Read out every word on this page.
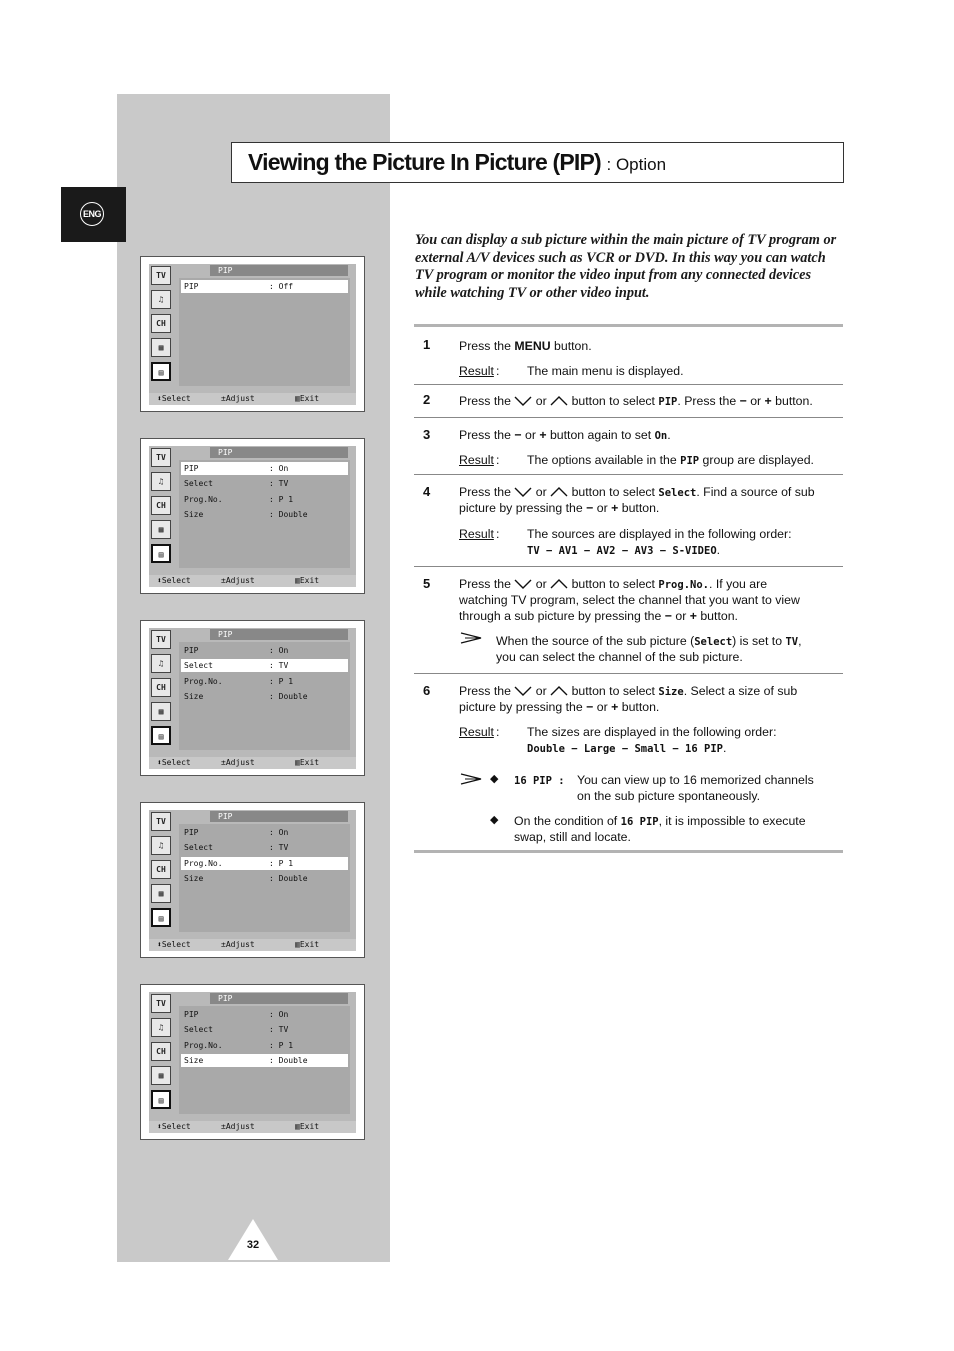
ENG
Viewing the Picture In Picture (PIP) : Option
You can display a sub picture within the main picture of TV program or external A/V devices such as VCR or DVD. In this way you can watch TV program or monitor the video input from any connected devices while watching TV or other video input.
TV
♫
CH
▦
▤
PIP
PIP	: Off
⬍Select	±Adjust	▥Exit
TV
♫
CH
▦
▤
PIP
PIP	: On
Select	: TV
Prog.No.	: P 1
Size	: Double
⬍Select	±Adjust	▥Exit
TV
♫
CH
▦
▤
PIP
PIP	: On
Select	: TV
Prog.No.	: P 1
Size	: Double
⬍Select	±Adjust	▥Exit
TV
♫
CH
▦
▤
PIP
PIP	: On
Select	: TV
Prog.No.	: P 1
Size	: Double
⬍Select	±Adjust	▥Exit
TV
♫
CH
▦
▤
PIP
PIP	: On
Select	: TV
Prog.No.	: P 1
Size	: Double
⬍Select	±Adjust	▥Exit
1 Press the MENU button.
Result : The main menu is displayed.
2 Press the or button to select PIP. Press the − or + button.
3 Press the − or + button again to set On.
Result : The options available in the PIP group are displayed.
4 Press the or button to select Select. Find a source of sub
picture by pressing the − or + button.
Result : The sources are displayed in the following order:
TV − AV1 − AV2 − AV3 − S-VIDEO.
5 Press the or button to select Prog.No.. If you are
watching TV program, select the channel that you want to view
through a sub picture by pressing the − or + button.
When the source of the sub picture (Select) is set to TV,
you can select the channel of the sub picture.
6 Press the or button to select Size. Select a size of sub
picture by pressing the − or + button.
Result : The sizes are displayed in the following order:
Double − Large − Small − 16 PIP.
◆ 16 PIP : You can view up to 16 memorized channels
on the sub picture spontaneously.
◆ On the condition of 16 PIP, it is impossible to execute
swap, still and locate.
32
